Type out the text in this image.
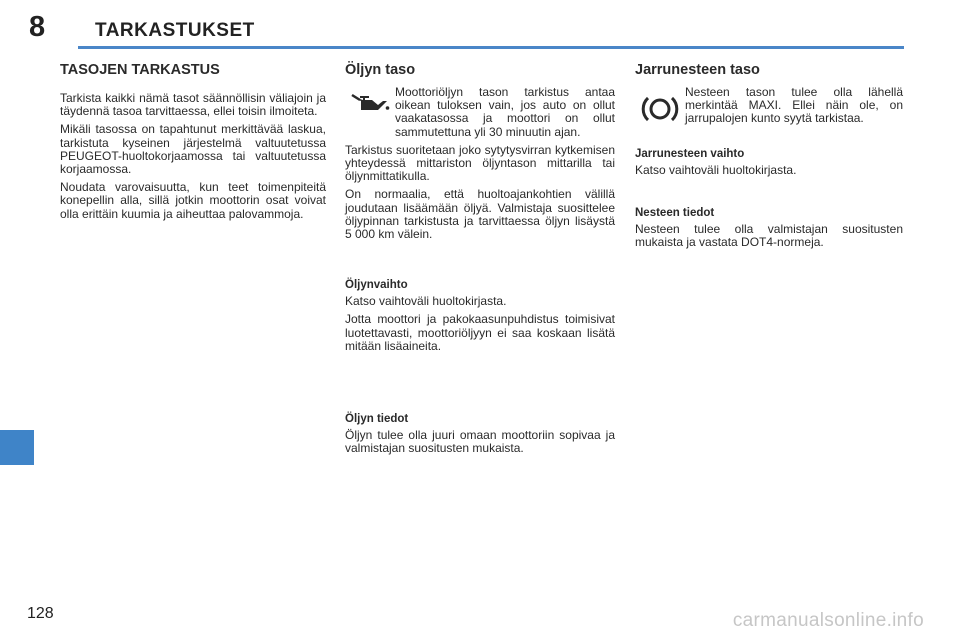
8	TARKASTUKSET
TASOJEN TARKASTUS

Tarkista kaikki nämä tasot säännöllisin väliajoin ja täydennä tasoa tarvittaessa, ellei toisin ilmoiteta.

Mikäli tasossa on tapahtunut merkittävää laskua, tarkistuta kyseinen järjestelmä valtuutetussa PEUGEOT-huoltokorjaamossa tai valtuutetussa korjaamossa.

Noudata varovaisuutta, kun teet toimenpiteitä konepellin alla, sillä jotkin moottorin osat voivat olla erittäin kuumia ja aiheuttaa palovammoja.

Öljyn taso

Moottoriöljyn tason tarkistus antaa oikean tuloksen vain, jos auto on ollut vaakatasossa ja moottori on ollut sammutettuna yli 30 minuutin ajan.

Tarkistus suoritetaan joko sytytysvirran kytkemisen yhteydessä mittariston öljyntason mittarilla tai öljynmittatikulla.

On normaalia, että huoltoajankohtien välillä joudutaan lisäämään öljyä. Valmistaja suosittelee öljypinnan tarkistusta ja tarvittaessa öljyn lisäystä 5 000 km välein.

Öljynvaihto

Katso vaihtoväli huoltokirjasta.

Jotta moottori ja pakokaasunpuhdistus toimisivat luotettavasti, moottoriöljyyn ei saa koskaan lisätä mitään lisäaineita.

Öljyn tiedot

Öljyn tulee olla juuri omaan moottoriin sopivaa ja valmistajan suositusten mukaista.

Jarrunesteen taso

Nesteen tason tulee olla lähellä merkintää MAXI. Ellei näin ole, on jarrupalojen kunto syytä tarkistaa.

Jarrunesteen vaihto

Katso vaihtoväli huoltokirjasta.

Nesteen tiedot

Nesteen tulee olla valmistajan suositusten mukaista ja vastata DOT4-normeja.

128	carmanualsonline.info
